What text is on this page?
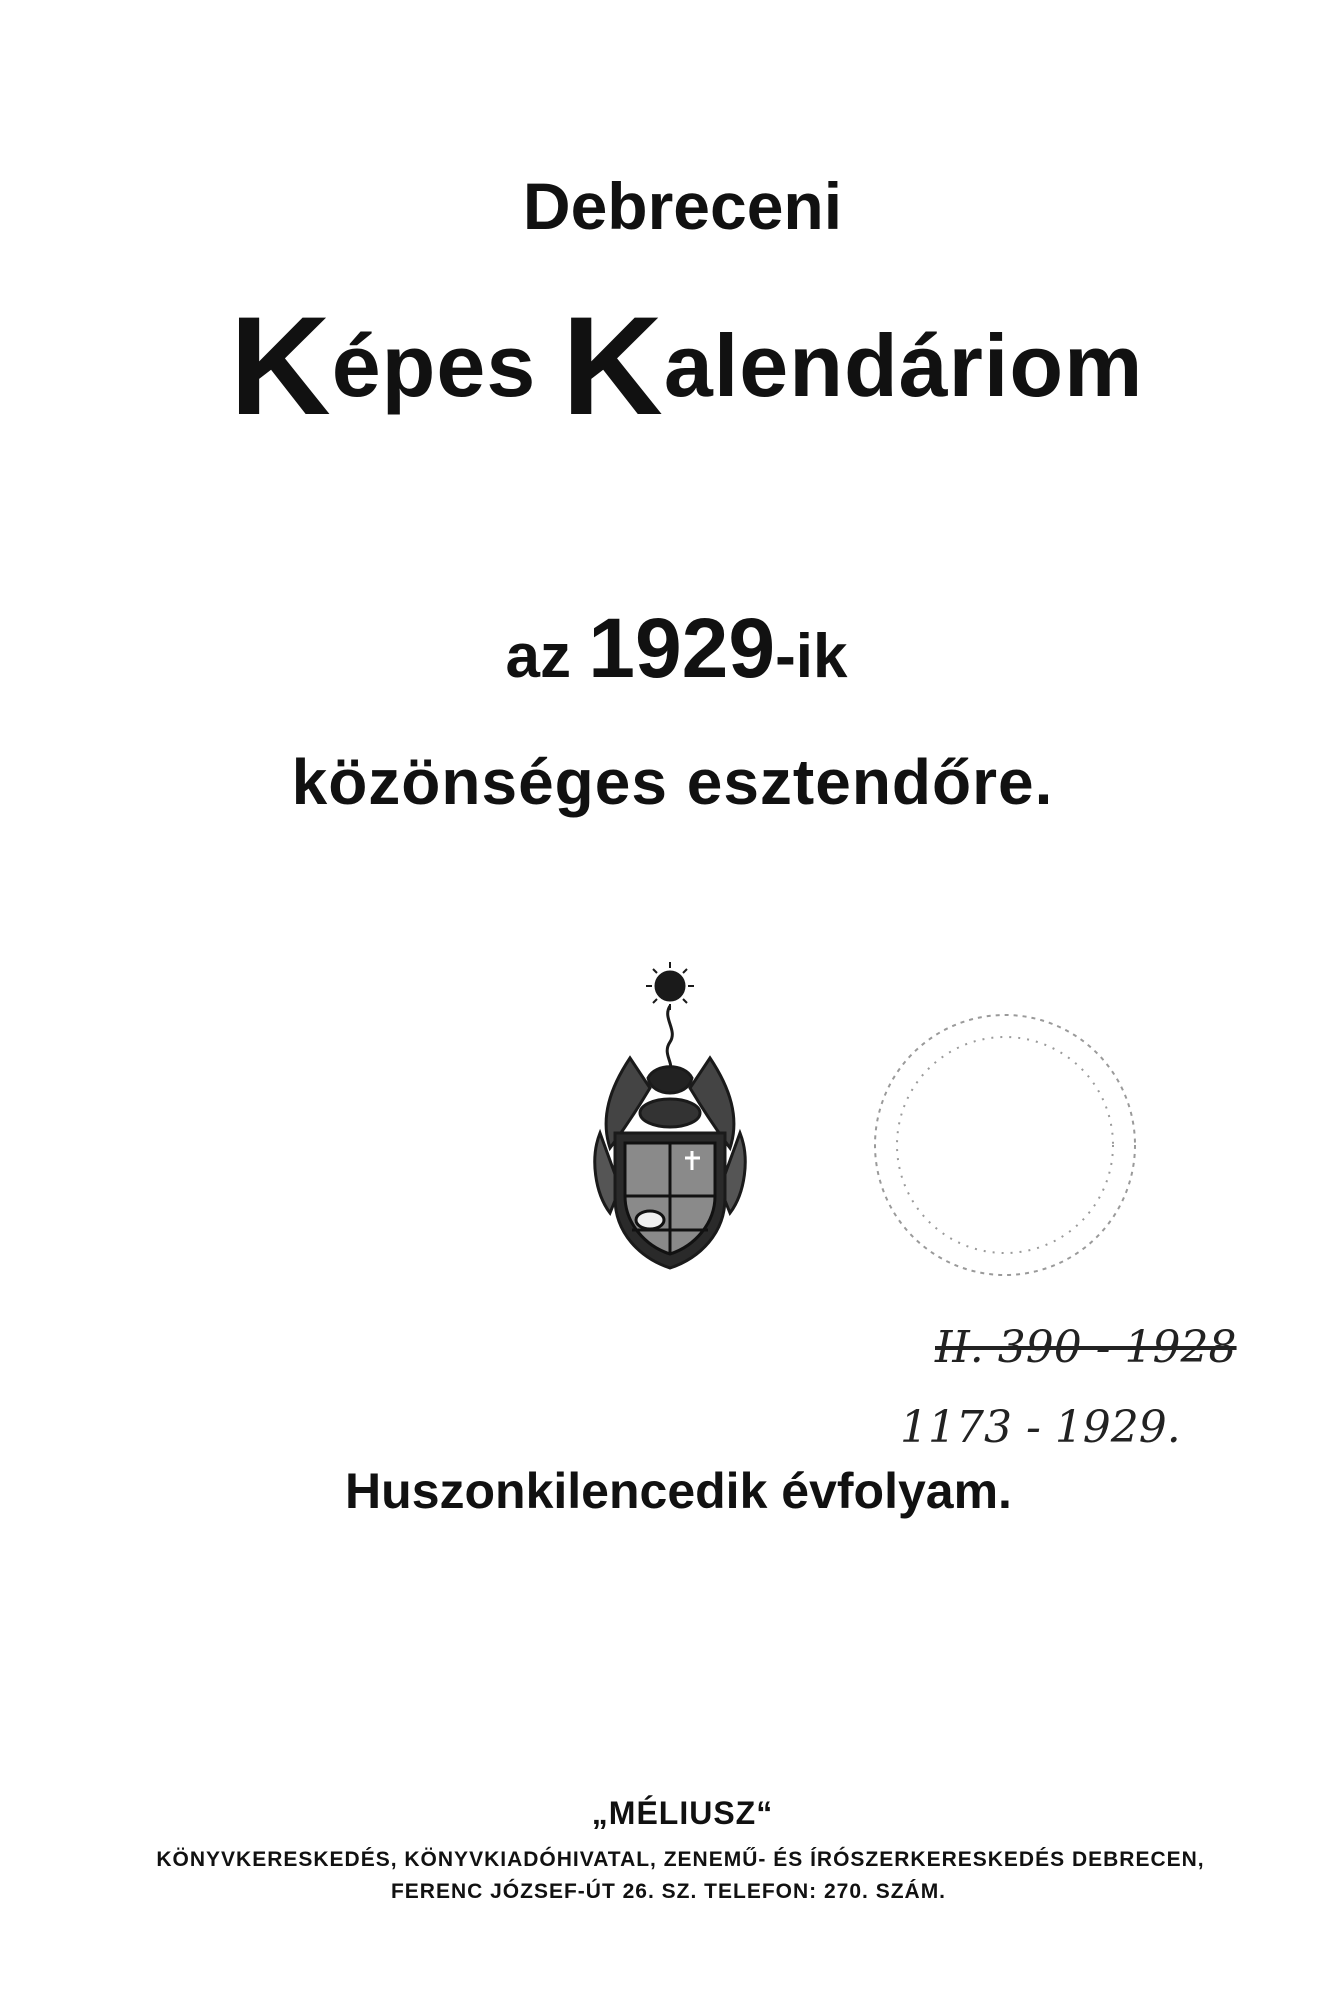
Debreceni
Képes Kalendáriom
az 1929-ik
közönséges esztendőre.
II. 390 - 1928
1173 - 1929.
Huszonkilencedik évfolyam.
„MÉLIUSZ“
KÖNYVKERESKEDÉS, KÖNYVKIADÓHIVATAL, ZENEMŰ- ÉS ÍRÓSZERKERESKEDÉS DEBRECEN,
FERENC JÓZSEF-ÚT 26. SZ. TELEFON: 270. SZÁM.
